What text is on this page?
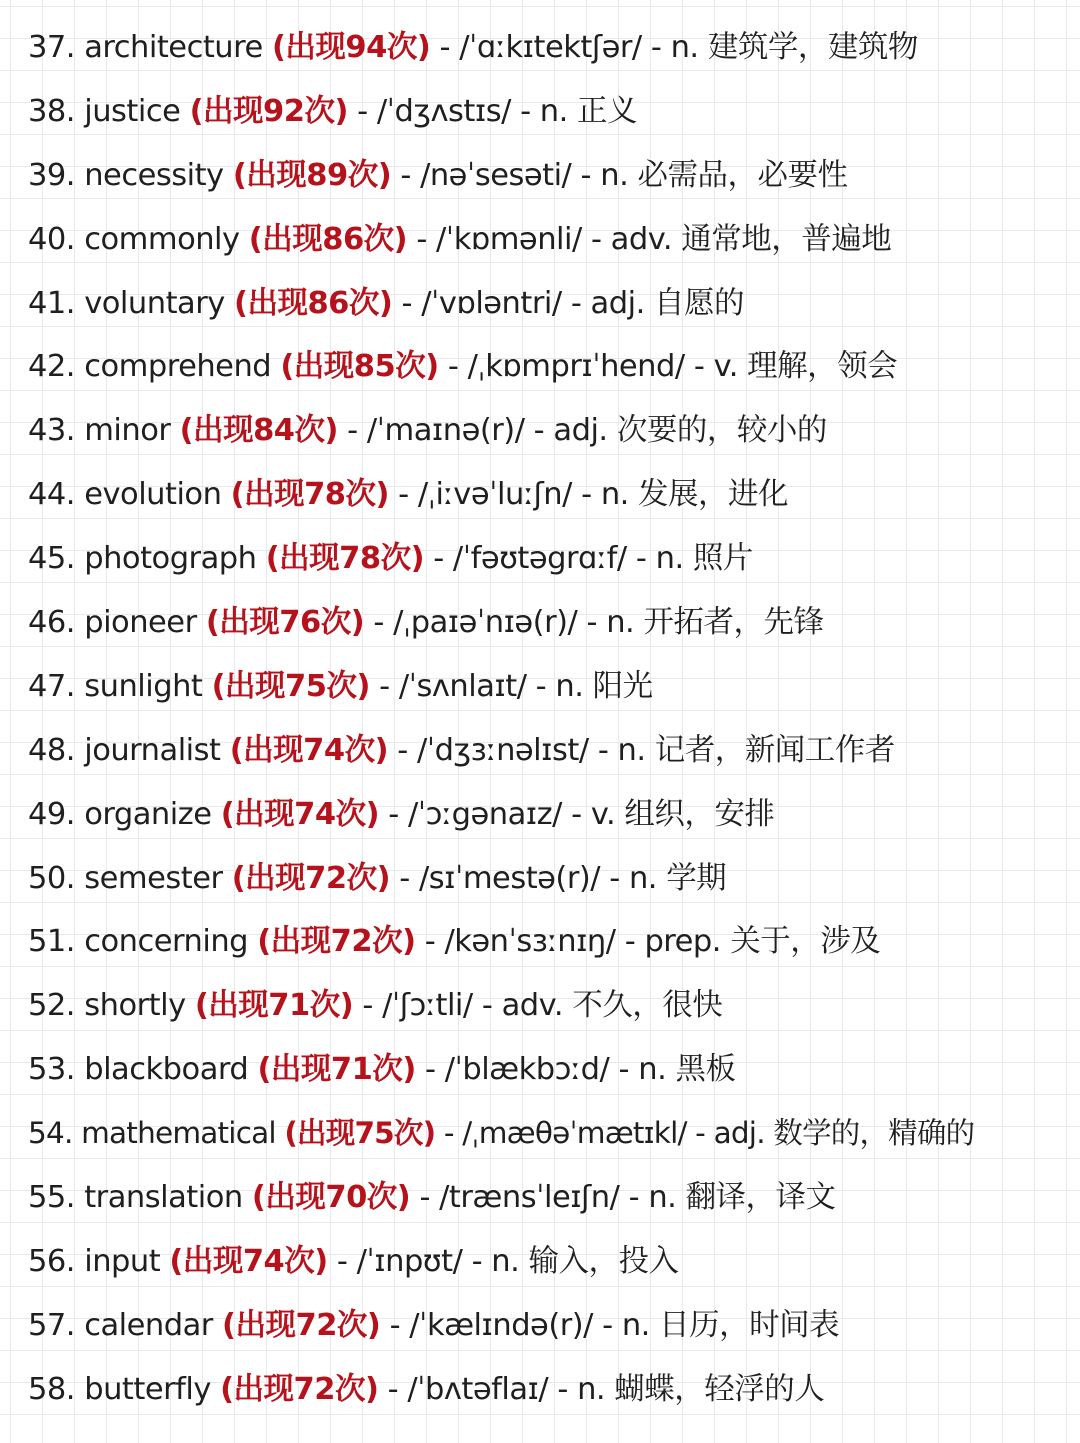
37. architecture (出现94次) - /ˈɑːkɪtektʃər/ - n. 建筑学，建筑物
38. justice (出现92次) - /ˈdʒʌstɪs/ - n. 正义
39. necessity (出现89次) - /nəˈsesəti/ - n. 必需品，必要性
40. commonly (出现86次) - /ˈkɒmənli/ - adv. 通常地，普遍地
41. voluntary (出现86次) - /ˈvɒləntri/ - adj. 自愿的
42. comprehend (出现85次) - /ˌkɒmprɪˈhend/ - v. 理解，领会
43. minor (出现84次) - /ˈmaɪnə(r)/ - adj. 次要的，较小的
44. evolution (出现78次) - /ˌiːvəˈluːʃn/ - n. 发展，进化
45. photograph (出现78次) - /ˈfəʊtəgrɑːf/ - n. 照片
46. pioneer (出现76次) - /ˌpaɪəˈnɪə(r)/ - n. 开拓者，先锋
47. sunlight (出现75次) - /ˈsʌnlaɪt/ - n. 阳光
48. journalist (出现74次) - /ˈdʒɜːnəlɪst/ - n. 记者，新闻工作者
49. organize (出现74次) - /ˈɔːgənaɪz/ - v. 组织，安排
50. semester (出现72次) - /sɪˈmestə(r)/ - n. 学期
51. concerning (出现72次) - /kənˈsɜːnɪŋ/ - prep. 关于，涉及
52. shortly (出现71次) - /ˈʃɔːtli/ - adv. 不久，很快
53. blackboard (出现71次) - /ˈblækbɔːd/ - n. 黑板
54. mathematical (出现75次) - /ˌmæθəˈmætɪkl/ - adj. 数学的，精确的
55. translation (出现70次) - /trænsˈleɪʃn/ - n. 翻译，译文
56. input (出现74次) - /ˈɪnpʊt/ - n. 输入，投入
57. calendar (出现72次) - /ˈkælɪndə(r)/ - n. 日历，时间表
58. butterfly (出现72次) - /ˈbʌtəflaɪ/ - n. 蝴蝶，轻浮的人
